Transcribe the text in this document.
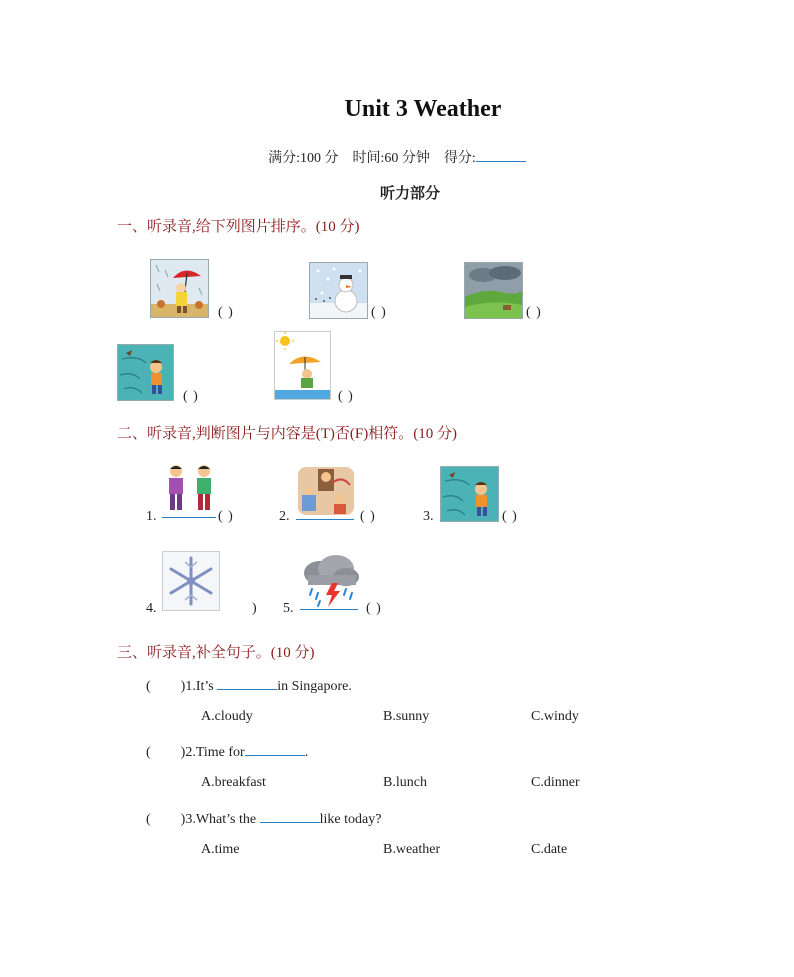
Unit 3 Weather
满分:100 分 时间:60 分钟 得分:
听力部分
一、听录音,给下列图片排序。(10 分)
( )	( )	( )
( )	( )
二、听录音,判断图片与内容是(T)否(F)相符。(10 分)
1.	( )	2.	( )	3.	( )
4.	) 5.	( )
三、听录音,补全句子。(10 分)
( )1.It’s	in Singapore.
A.cloudy	B.sunny	C.windy
( )2.Time for	.
A.breakfast	B.lunch	C.dinner
( )3.What’s the	like today?
A.time	B.weather	C.date
